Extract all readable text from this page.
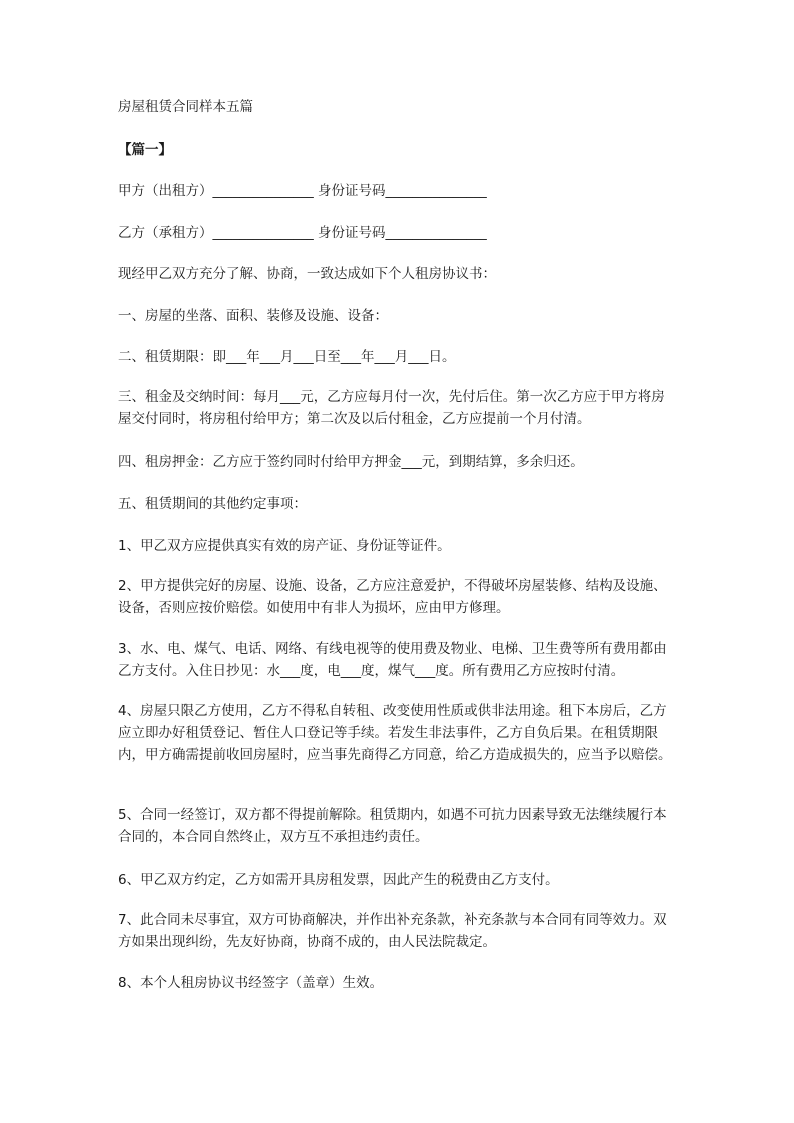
房屋租赁合同样本五篇

【篇一】

甲方（出租方）_______________ 身份证号码_______________

乙方（承租方）_______________ 身份证号码_______________

现经甲乙双方充分了解、协商，一致达成如下个人租房协议书：

一、房屋的坐落、面积、装修及设施、设备：

二、租赁期限：即___年___月___日至___年___月___日。

三、租金及交纳时间：每月___元，乙方应每月付一次，先付后住。第一次乙方应于甲方将房屋交付同时，将房租付给甲方；第二次及以后付租金，乙方应提前一个月付清。

四、租房押金：乙方应于签约同时付给甲方押金___元，到期结算，多余归还。

五、租赁期间的其他约定事项：

1、甲乙双方应提供真实有效的房产证、身份证等证件。

2、甲方提供完好的房屋、设施、设备，乙方应注意爱护，不得破坏房屋装修、结构及设施、设备，否则应按价赔偿。如使用中有非人为损坏，应由甲方修理。

3、水、电、煤气、电话、网络、有线电视等的使用费及物业、电梯、卫生费等所有费用都由乙方支付。入住日抄见：水___度，电___度，煤气___度。所有费用乙方应按时付清。

4、房屋只限乙方使用，乙方不得私自转租、改变使用性质或供非法用途。租下本房后，乙方应立即办好租赁登记、暂住人口登记等手续。若发生非法事件，乙方自负后果。在租赁期限内，甲方确需提前收回房屋时，应当事先商得乙方同意，给乙方造成损失的，应当予以赔偿。

5、合同一经签订，双方都不得提前解除。租赁期内，如遇不可抗力因素导致无法继续履行本合同的，本合同自然终止，双方互不承担违约责任。

6、甲乙双方约定，乙方如需开具房租发票，因此产生的税费由乙方支付。

7、此合同未尽事宜，双方可协商解决，并作出补充条款，补充条款与本合同有同等效力。双方如果出现纠纷，先友好协商，协商不成的，由人民法院裁定。

8、本个人租房协议书经签字（盖章）生效。
